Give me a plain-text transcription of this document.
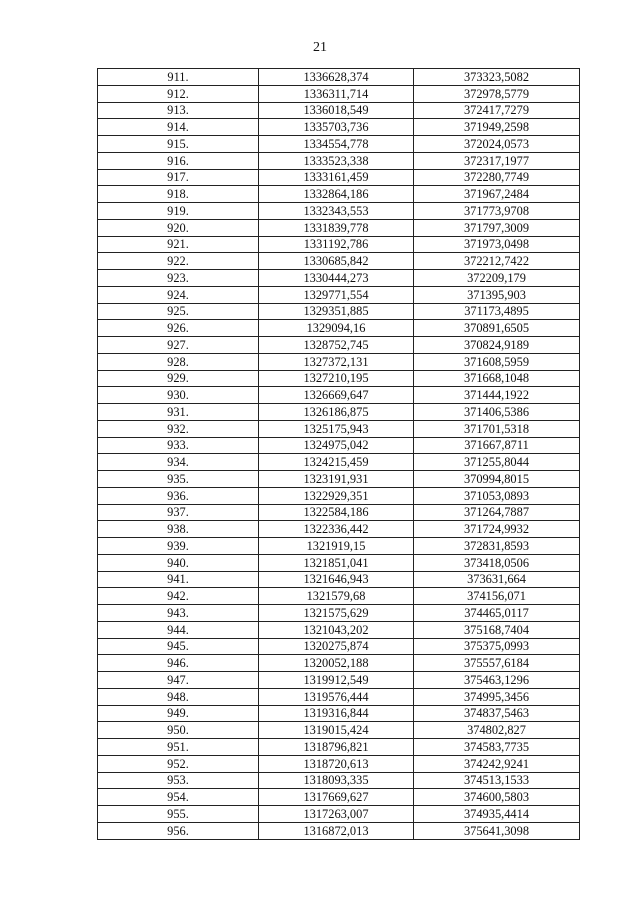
21
911.	1336628,374	373323,5082
912.	1336311,714	372978,5779
913.	1336018,549	372417,7279
914.	1335703,736	371949,2598
915.	1334554,778	372024,0573
916.	1333523,338	372317,1977
917.	1333161,459	372280,7749
918.	1332864,186	371967,2484
919.	1332343,553	371773,9708
920.	1331839,778	371797,3009
921.	1331192,786	371973,0498
922.	1330685,842	372212,7422
923.	1330444,273	372209,179
924.	1329771,554	371395,903
925.	1329351,885	371173,4895
926.	1329094,16	370891,6505
927.	1328752,745	370824,9189
928.	1327372,131	371608,5959
929.	1327210,195	371668,1048
930.	1326669,647	371444,1922
931.	1326186,875	371406,5386
932.	1325175,943	371701,5318
933.	1324975,042	371667,8711
934.	1324215,459	371255,8044
935.	1323191,931	370994,8015
936.	1322929,351	371053,0893
937.	1322584,186	371264,7887
938.	1322336,442	371724,9932
939.	1321919,15	372831,8593
940.	1321851,041	373418,0506
941.	1321646,943	373631,664
942.	1321579,68	374156,071
943.	1321575,629	374465,0117
944.	1321043,202	375168,7404
945.	1320275,874	375375,0993
946.	1320052,188	375557,6184
947.	1319912,549	375463,1296
948.	1319576,444	374995,3456
949.	1319316,844	374837,5463
950.	1319015,424	374802,827
951.	1318796,821	374583,7735
952.	1318720,613	374242,9241
953.	1318093,335	374513,1533
954.	1317669,627	374600,5803
955.	1317263,007	374935,4414
956.	1316872,013	375641,3098
